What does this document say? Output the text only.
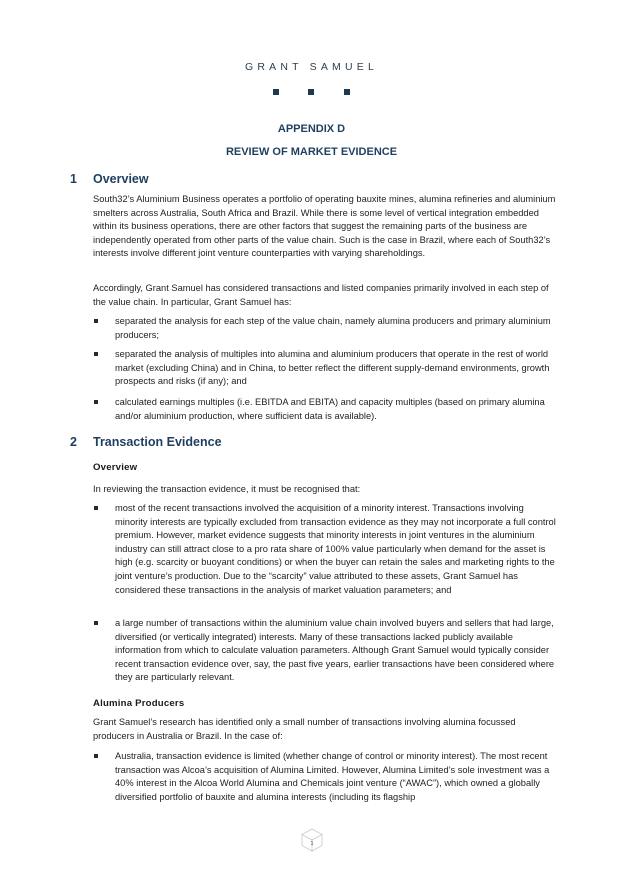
GRANT SAMUEL
APPENDIX D
REVIEW OF MARKET EVIDENCE
1 Overview

South32’s Aluminium Business operates a portfolio of operating bauxite mines, alumina refineries and aluminium smelters across Australia, South Africa and Brazil. While there is some level of vertical integration embedded within its business operations, there are other factors that suggest the remaining parts of the business are independently operated from other parts of the value chain. Such is the case in Brazil, where each of South32’s interests involve different joint venture counterparties with varying shareholdings.

Accordingly, Grant Samuel has considered transactions and listed companies primarily involved in each step of the value chain. In particular, Grant Samuel has:

separated the analysis for each step of the value chain, namely alumina producers and primary aluminium producers;
separated the analysis of multiples into alumina and aluminium producers that operate in the rest of world market (excluding China) and in China, to better reflect the different supply-demand environments, growth prospects and risks (if any); and
calculated earnings multiples (i.e. EBITDA and EBITA) and capacity multiples (based on primary alumina and/or aluminium production, where sufficient data is available).
2 Transaction Evidence
Overview

In reviewing the transaction evidence, it must be recognised that:

most of the recent transactions involved the acquisition of a minority interest. Transactions involving minority interests are typically excluded from transaction evidence as they may not incorporate a full control premium. However, market evidence suggests that minority interests in joint ventures in the aluminium industry can still attract close to a pro rata share of 100% value particularly when demand for the asset is high (e.g. scarcity or buoyant conditions) or when the buyer can retain the sales and marketing rights to the joint venture’s production. Due to the “scarcity” value attributed to these assets, Grant Samuel has considered these transactions in the analysis of market valuation parameters; and
a large number of transactions within the aluminium value chain involved buyers and sellers that had large, diversified (or vertically integrated) interests. Many of these transactions lacked publicly available information from which to calculate valuation parameters. Although Grant Samuel would typically consider recent transaction evidence over, say, the past five years, earlier transactions have been considered where they are particularly relevant.
Alumina Producers

Grant Samuel’s research has identified only a small number of transactions involving alumina focussed producers in Australia or Brazil. In the case of:

Australia, transaction evidence is limited (whether change of control or minority interest). The most recent transaction was Alcoa’s acquisition of Alumina Limited. However, Alumina Limited’s sole investment was a 40% interest in the Alcoa World Alumina and Chemicals joint venture (“AWAC”), which owned a globally diversified portfolio of bauxite and alumina interests (including its flagship
1
